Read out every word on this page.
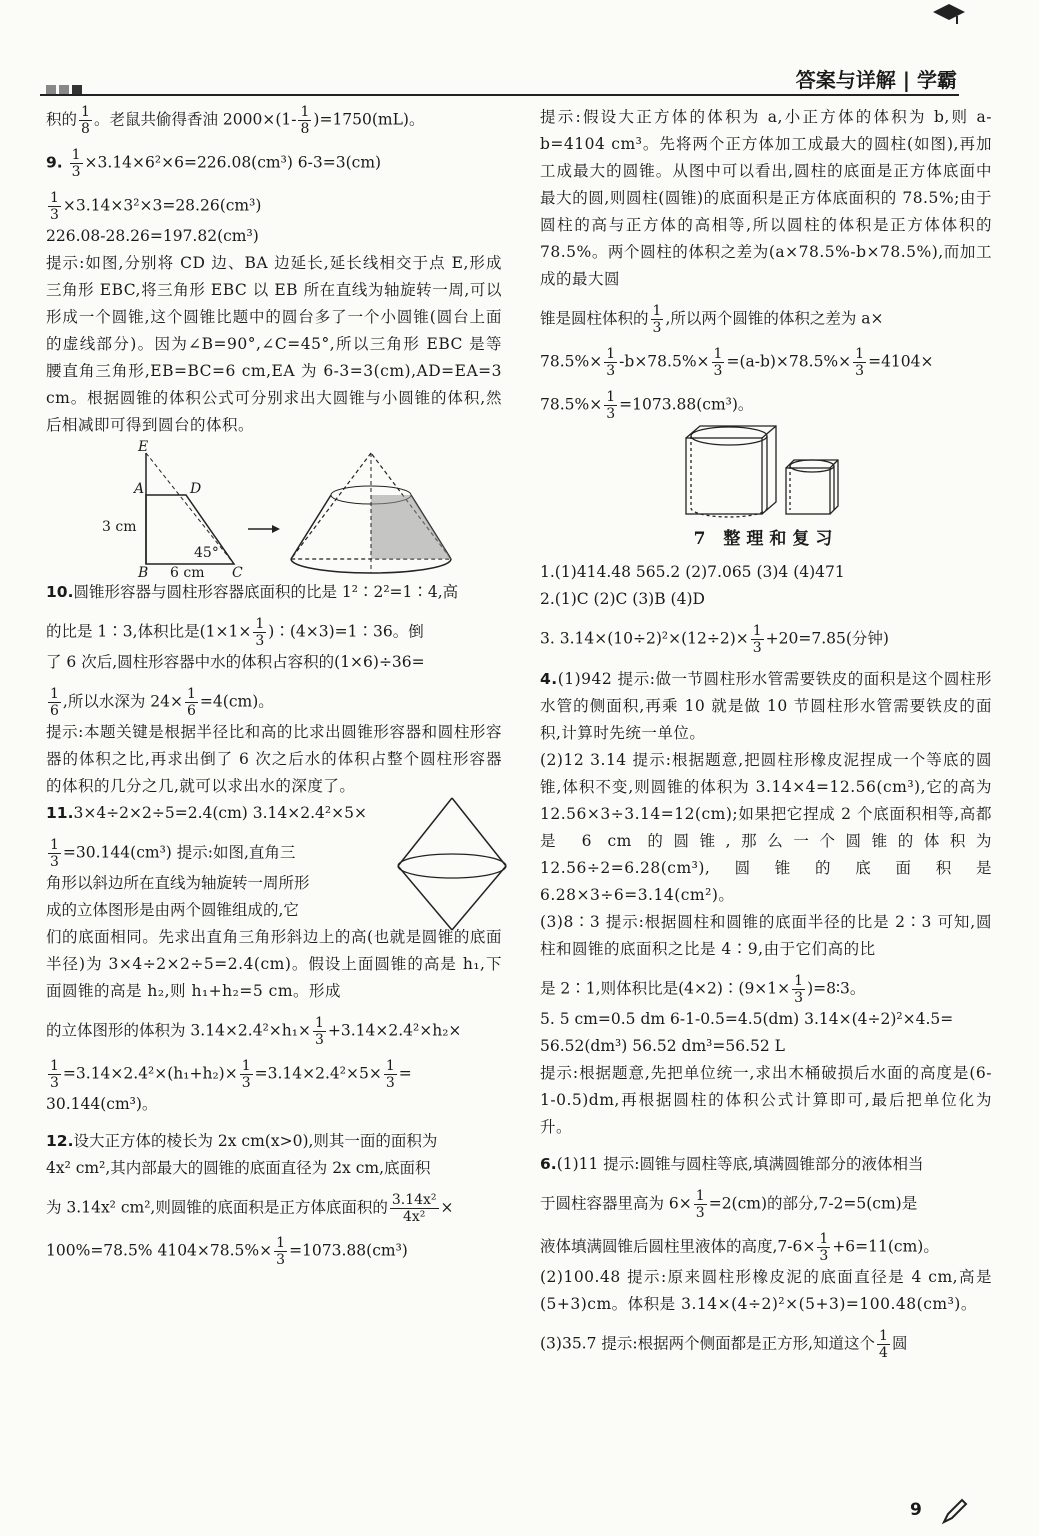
答案与详解 | 学霸

积的 $\frac{1}{8}$ 。老鼠共偷得香油 $2000\times(1- \frac{1}{8} )=1750(mL)$。

9. $\frac{1}{3} \times 3.14\times 6^2\times 6=226.08(cm^3)$ 6-3=3(cm)

$\frac{1}{3} \times 3.14\times 3^2\times 3=28.26(cm^3)$

226.08-28.26=197.82(cm³)

提示:如图,分别将 CD 边、BA 边延长,延长线相交于点 E,形成三角形 EBC,将三角形 EBC 以 EB 所在直线为轴旋转一周,可以形成一个圆锥,这个圆锥比题中的圆台多了一个小圆锥(圆台上面的虚线部分)。因为∠B=90°,∠C=45°,所以三角形 EBC 是等腰直角三角形,EB=BC=6 cm,EA 为 6-3=3(cm),AD=EA=3 cm。根据圆锥的体积公式可分别求出大圆锥与小圆锥的体积,然后相减即可得到圆台的体积。

E
A	D
B	C
3 cm
45°
6 cm

10.圆锥形容器与圆柱形容器底面积的比是 1²∶2²=1∶4,高

的比是 1∶3,体积比是($1\times 1\times \frac{1}{3}$ )∶(4×3)=1∶36。倒

了 6 次后,圆柱形容器中水的体积占容积的(1×6)÷36=

$\frac{1}{6}$ ,所以水深为 $24\times \frac{1}{6} =4(cm)$。

提示:本题关键是根据半径比和高的比求出圆锥形容器和圆柱形容器的体积之比,再求出倒了 6 次之后水的体积占整个圆柱形容器的体积的几分之几,就可以求出水的深度了。

11.3×4÷2×2÷5=2.4(cm) 3.14×2.4²×5×

$\frac{1}{3} =30.144(cm^3)$ 提示:如图,直角三

角形以斜边所在直线为轴旋转一周所形

成的立体图形是由两个圆锥组成的,它

们的底面相同。先求出直角三角形斜边上的高(也就是圆锥的底面半径)为 3×4÷2×2÷5=2.4(cm)。假设上面圆锥的高是 h₁,下面圆锥的高是 h₂,则 h₁+h₂=5 cm。形成

的立体图形的体积为 $3.14\times 2.4^2\times h_1\times \frac{1}{3} +3.14\times 2.4^2\times h_2\times$

$\frac{1}{3} =3.14\times 2.4^2\times(h_1+h_2)\times \frac{1}{3} =3.14\times 2.4^2\times 5\times \frac{1}{3}$ =

30.144(cm³)。

12.设大正方体的棱长为 2x cm(x>0),则其一面的面积为

4x² cm²,其内部最大的圆锥的底面直径为 2x cm,底面积

为 3.14x² cm²,则圆锥的底面积是正方体底面积的 $\frac{\text{3.14x²}}{\text{4x²}}$ ×

100%=78.5% $4104\times 78.5\%\times \frac{1}{3} =1073.88(cm^3)$

提示:假设大正方体的体积为 a,小正方体的体积为 b,则 a-b=4104 cm³。先将两个正方体加工成最大的圆柱(如图),再加工成最大的圆锥。从图中可以看出,圆柱的底面是正方体底面中最大的圆,则圆柱(圆锥)的底面积是正方体底面积的 78.5%;由于圆柱的高与正方体的高相等,所以圆柱的体积是正方体体积的 78.5%。两个圆柱的体积之差为(a×78.5%-b×78.5%),而加工成的最大圆

锥是圆柱体积的 $\frac{1}{3}$ ,所以两个圆锥的体积之差为 a×

$78.5\%\times \frac{1}{3} -b\times 78.5\%\times \frac{1}{3} =(a-b)\times 78.5\%\times \frac{1}{3} =4104\times$

$78.5\%\times \frac{1}{3} =1073.88(cm^3)$。

7 整理和复习

1.(1)414.48 565.2 (2)7.065 (3)4 (4)471

2.(1)C (2)C (3)B (4)D

3. $3.14\times(10\div 2)^2\times(12\div 2)\times \frac{1}{3} +20=7.85$(分钟)

4.(1)942 提示:做一节圆柱形水管需要铁皮的面积是这个圆柱形水管的侧面积,再乘 10 就是做 10 节圆柱形水管需要铁皮的面积,计算时先统一单位。

(2)12 3.14 提示:根据题意,把圆柱形橡皮泥捏成一个等底的圆锥,体积不变,则圆锥的体积为 3.14×4=12.56(cm³),它的高为 12.56×3÷3.14=12(cm);如果把它捏成 2 个底面积相等,高都是 6 cm 的圆锥,那么一个圆锥的体积为 12.56÷2=6.28(cm³),圆锥的底面积是 6.28×3÷6=3.14(cm²)。

(3)8∶3 提示:根据圆柱和圆锥的底面半径的比是 2∶3 可知,圆柱和圆锥的底面积之比是 4∶9,由于它们高的比

是 2∶1,则体积比是(4×2)∶(9×1× $\frac{1}{3}$ )=8∶3。

5. 5 cm=0.5 dm 6-1-0.5=4.5(dm) 3.14×(4÷2)²×4.5=

56.52(dm³) 56.52 dm³=56.52 L

提示:根据题意,先把单位统一,求出木桶破损后水面的高度是(6-1-0.5)dm,再根据圆柱的体积公式计算即可,最后把单位化为升。

6.(1)11 提示:圆锥与圆柱等底,填满圆锥部分的液体相当

于圆柱容器里高为 $6\times \frac{1}{3} =2(cm)$的部分,7-2=5(cm)是

液体填满圆锥后圆柱里液体的高度$,7-6\times \frac{1}{3} +6=11(cm)$。

(2)100.48 提示:原来圆柱形橡皮泥的底面直径是 4 cm,高是(5+3)cm。体积是 3.14×(4÷2)²×(5+3)=100.48(cm³)。

(3)35.7 提示:根据两个侧面都是正方形,知道这个 $\frac{1}{4}$ 圆

9
